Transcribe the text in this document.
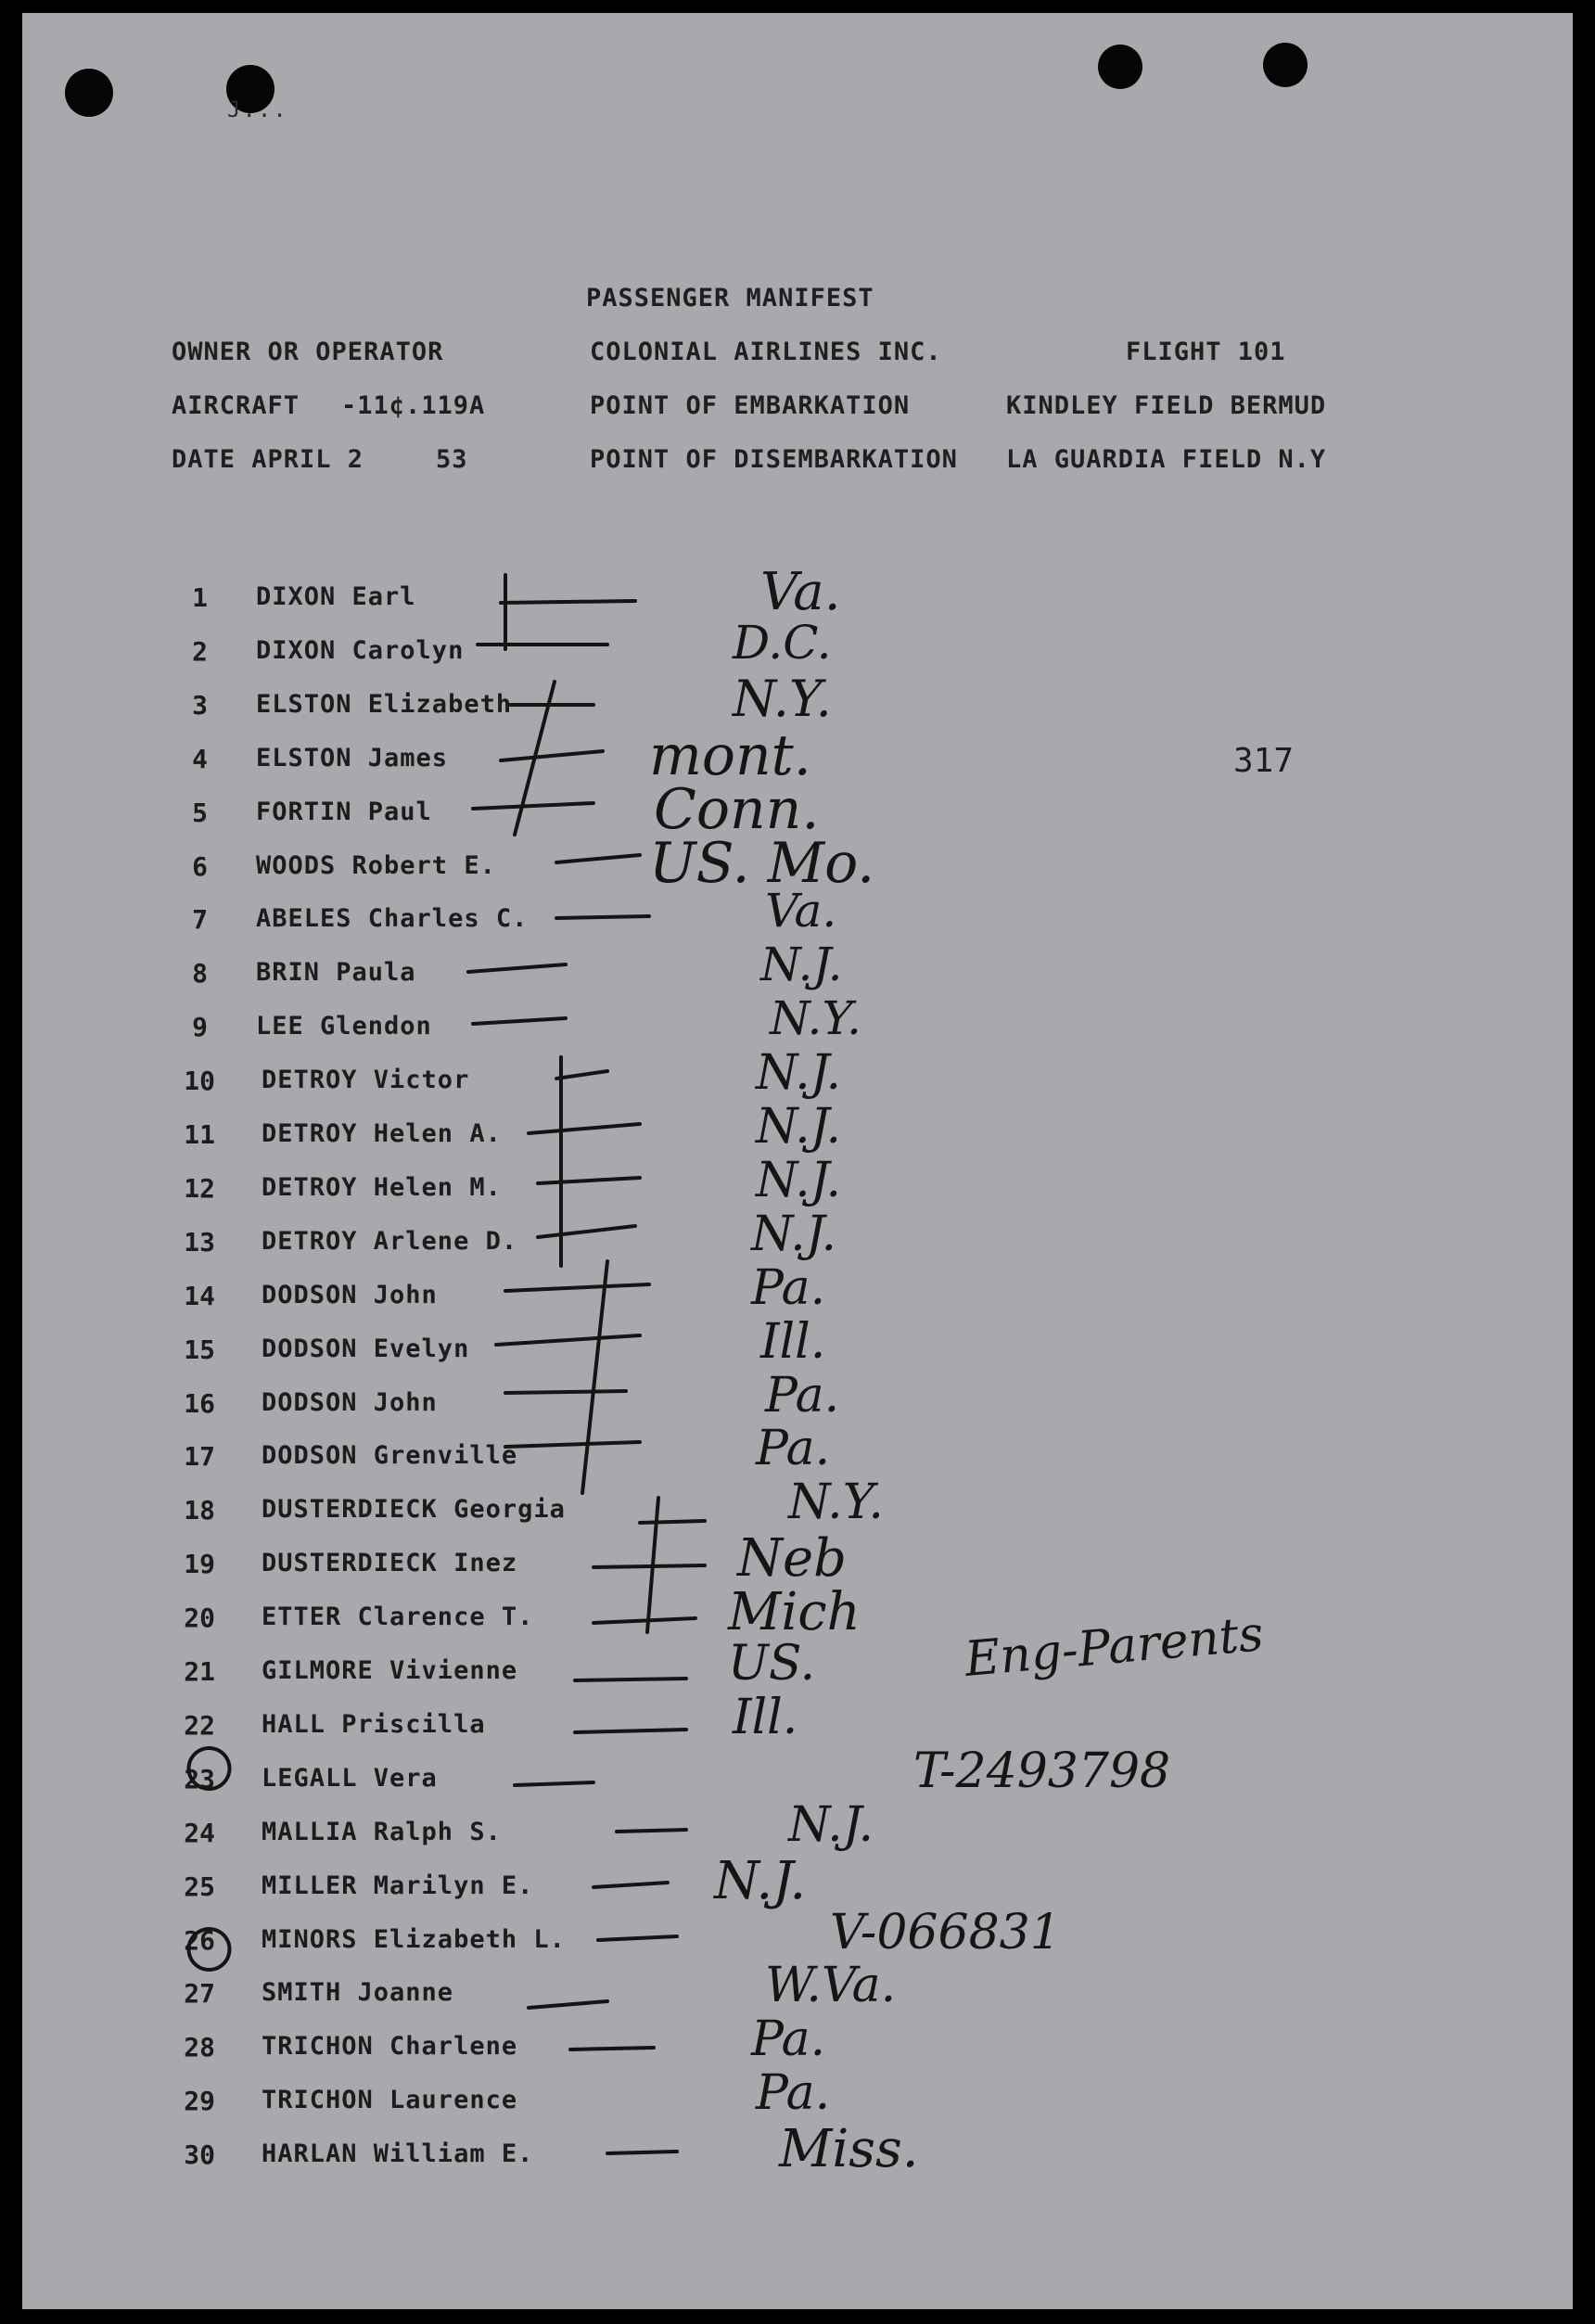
J...
PASSENGER MANIFEST
OWNER OR OPERATOR	COLONIAL AIRLINES INC.	FLIGHT 101
AIRCRAFT -11¢.119A	POINT OF EMBARKATION	KINDLEY FIELD BERMUD
DATE APRIL 2	53	POINT OF DISEMBARKATION LA GUARDIA FIELD N.Y
317
1 DIXON Earl	Va.
2 DIXON Carolyn	D.C.
3 ELSTON Elizabeth	N.Y.
4 ELSTON James	mont.
5 FORTIN Paul	Conn.
6 WOODS Robert E.	US. Mo.
7 ABELES Charles C.	Va.
8 BRIN Paula	N.J.
9 LEE Glendon	N.Y.
10 DETROY Victor	N.J.
11 DETROY Helen A.	N.J.
12 DETROY Helen M.	N.J.
13 DETROY Arlene D.	N.J.
14 DODSON John	Pa.
15 DODSON Evelyn	Ill.
16 DODSON John	Pa.
17 DODSON Grenville	Pa.
18 DUSTERDIECK Georgia	N.Y.
19 DUSTERDIECK Inez	Neb
20 ETTER Clarence T.	Mich
21 GILMORE Vivienne	US.
22 HALL Priscilla	Ill.
23 LEGALL Vera	T-2493798
24 MALLIA Ralph S.	N.J.
25 MILLER Marilyn E.	N.J.
26 MINORS Elizabeth L.	V-066831
27 SMITH Joanne	W.Va.
28 TRICHON Charlene	Pa.
29 TRICHON Laurence	Pa.
30 HARLAN William E.	Miss.
Eng-Parents
